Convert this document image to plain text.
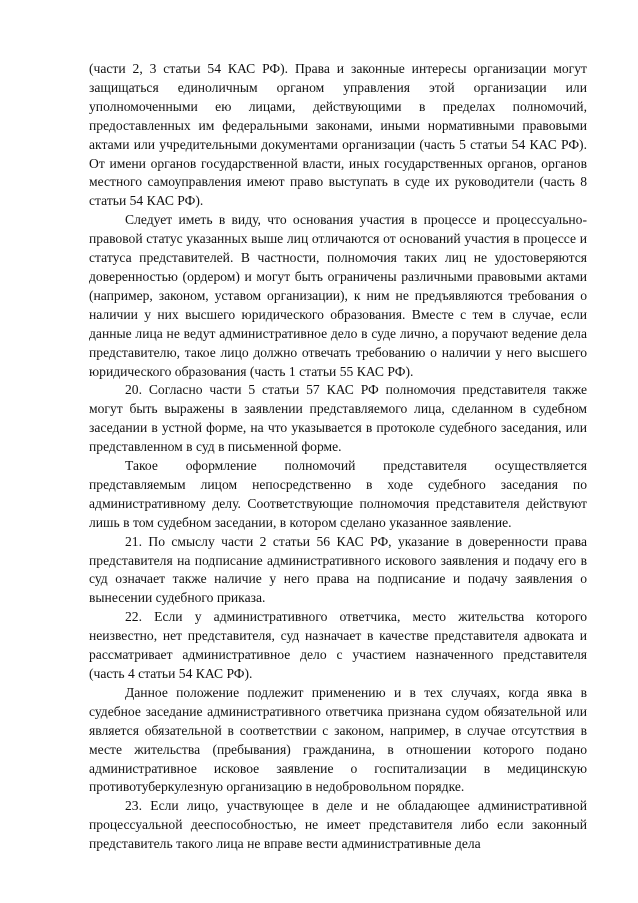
(части 2, 3 статьи 54 КАС РФ). Права и законные интересы организации могут защищаться единоличным органом управления этой организации или уполномоченными ею лицами, действующими в пределах полномочий, предоставленных им федеральными законами, иными нормативными правовыми актами или учредительными документами организации (часть 5 статьи 54 КАС РФ). От имени органов государственной власти, иных государственных органов, органов местного самоуправления имеют право выступать в суде их руководители (часть 8 статьи 54 КАС РФ).

Следует иметь в виду, что основания участия в процессе и процессуально-правовой статус указанных выше лиц отличаются от оснований участия в процессе и статуса представителей. В частности, полномочия таких лиц не удостоверяются доверенностью (ордером) и могут быть ограничены различными правовыми актами (например, законом, уставом организации), к ним не предъявляются требования о наличии у них высшего юридического образования. Вместе с тем в случае, если данные лица не ведут административное дело в суде лично, а поручают ведение дела представителю, такое лицо должно отвечать требованию о наличии у него высшего юридического образования (часть 1 статьи 55 КАС РФ).

20. Согласно части 5 статьи 57 КАС РФ полномочия представителя также могут быть выражены в заявлении представляемого лица, сделанном в судебном заседании в устной форме, на что указывается в протоколе судебного заседания, или представленном в суд в письменной форме.

Такое оформление полномочий представителя осуществляется представляемым лицом непосредственно в ходе судебного заседания по административному делу. Соответствующие полномочия представителя действуют лишь в том судебном заседании, в котором сделано указанное заявление.

21. По смыслу части 2 статьи 56 КАС РФ, указание в доверенности права представителя на подписание административного искового заявления и подачу его в суд означает также наличие у него права на подписание и подачу заявления о вынесении судебного приказа.

22. Если у административного ответчика, место жительства которого неизвестно, нет представителя, суд назначает в качестве представителя адвоката и рассматривает административное дело с участием назначенного представителя (часть 4 статьи 54 КАС РФ).

Данное положение подлежит применению и в тех случаях, когда явка в судебное заседание административного ответчика признана судом обязательной или является обязательной в соответствии с законом, например, в случае отсутствия в месте жительства (пребывания) гражданина, в отношении которого подано административное исковое заявление о госпитализации в медицинскую противотуберкулезную организацию в недобровольном порядке.

23. Если лицо, участвующее в деле и не обладающее административной процессуальной дееспособностью, не имеет представителя либо если законный представитель такого лица не вправе вести административные дела
